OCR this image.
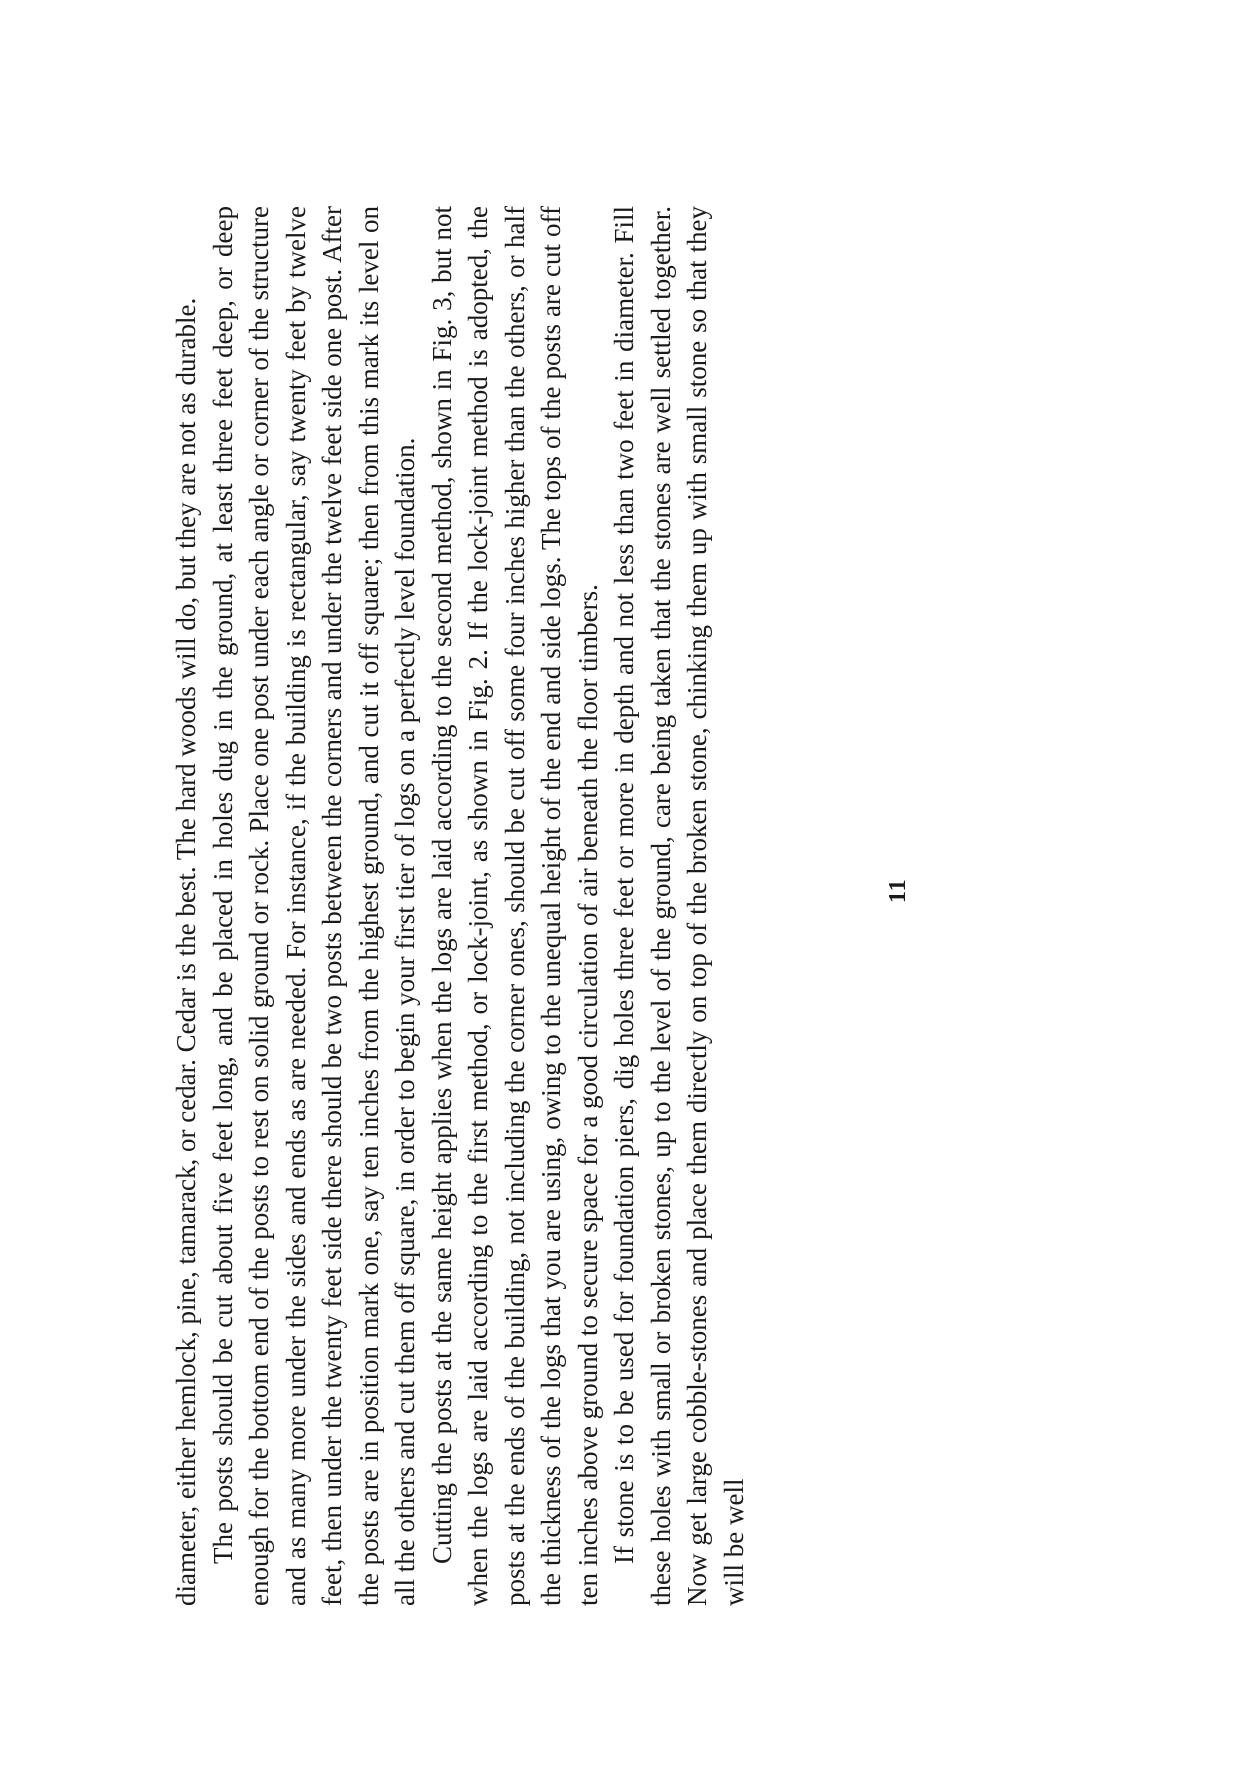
diameter, either hemlock, pine, tamarack, or cedar. Cedar is the best. The hard woods will do, but they are not as durable. The posts should be cut about five feet long, and be placed in holes dug in the ground, at least three feet deep, or deep enough for the bottom end of the posts to rest on solid ground or rock. Place one post under each angle or corner of the structure and as many more under the sides and ends as are needed. For instance, if the building is rectangular, say twenty feet by twelve feet, then under the twenty feet side there should be two posts between the corners and under the twelve feet side one post. After the posts are in position mark one, say ten inches from the highest ground, and cut it off square; then from this mark its level on all the others and cut them off square, in order to begin your first tier of logs on a perfectly level foundation. Cutting the posts at the same height applies when the logs are laid according to the second method, shown in Fig. 3, but not when the logs are laid according to the first method, or lock-joint, as shown in Fig. 2. If the lock-joint method is adopted, the posts at the ends of the building, not including the corner ones, should be cut off some four inches higher than the others, or half the thickness of the logs that you are using, owing to the unequal height of the end and side logs. The tops of the posts are cut off ten inches above ground to secure space for a good circulation of air beneath the floor timbers. If stone is to be used for foundation piers, dig holes three feet or more in depth and not less than two feet in diameter. Fill these holes with small or broken stones, up to the level of the ground, care being taken that the stones are well settled together. Now get large cobble-stones and place them directly on top of the broken stone, chinking them up with small stone so that they will be well

11
